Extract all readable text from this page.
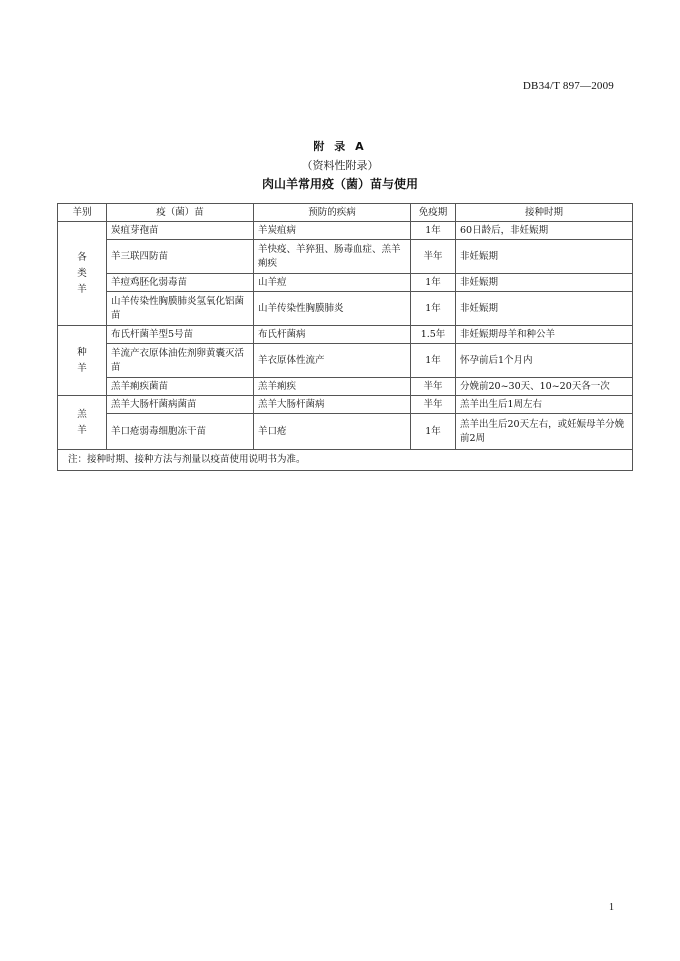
DB34/T 897—2009
附 录 A
（资料性附录）
肉山羊常用疫（菌）苗与使用
羊别	疫（菌）苗	预防的疾病	免疫期	接种时期
各
类
羊	炭疽芽孢苗	羊炭疽病	1年	60日龄后，非妊娠期
	羊三联四防苗	羊快疫、羊猝狙、肠毒血症、羔羊痢疾	半年	非妊娠期
	羊痘鸡胚化弱毒苗	山羊痘	1年	非妊娠期
	山羊传染性胸膜肺炎氢氧化铝菌苗	山羊传染性胸膜肺炎	1年	非妊娠期
种
羊	布氏杆菌羊型5号苗	布氏杆菌病	1.5年	非妊娠期母羊和种公羊
	羊流产衣原体油佐剂卵黄囊灭活苗	羊衣原体性流产	1年	怀孕前后1个月内
	羔羊痢疾菌苗	羔羊痢疾	半年	分娩前20~30天、10~20天各一次
羔
羊	羔羊大肠杆菌病菌苗	羔羊大肠杆菌病	半年	羔羊出生后1周左右
	羊口疮弱毒细胞冻干苗	羊口疮	1年	羔羊出生后20天左右，或妊娠母羊分娩前2周
注：接种时期、接种方法与剂量以疫苗使用说明书为准。				
1
